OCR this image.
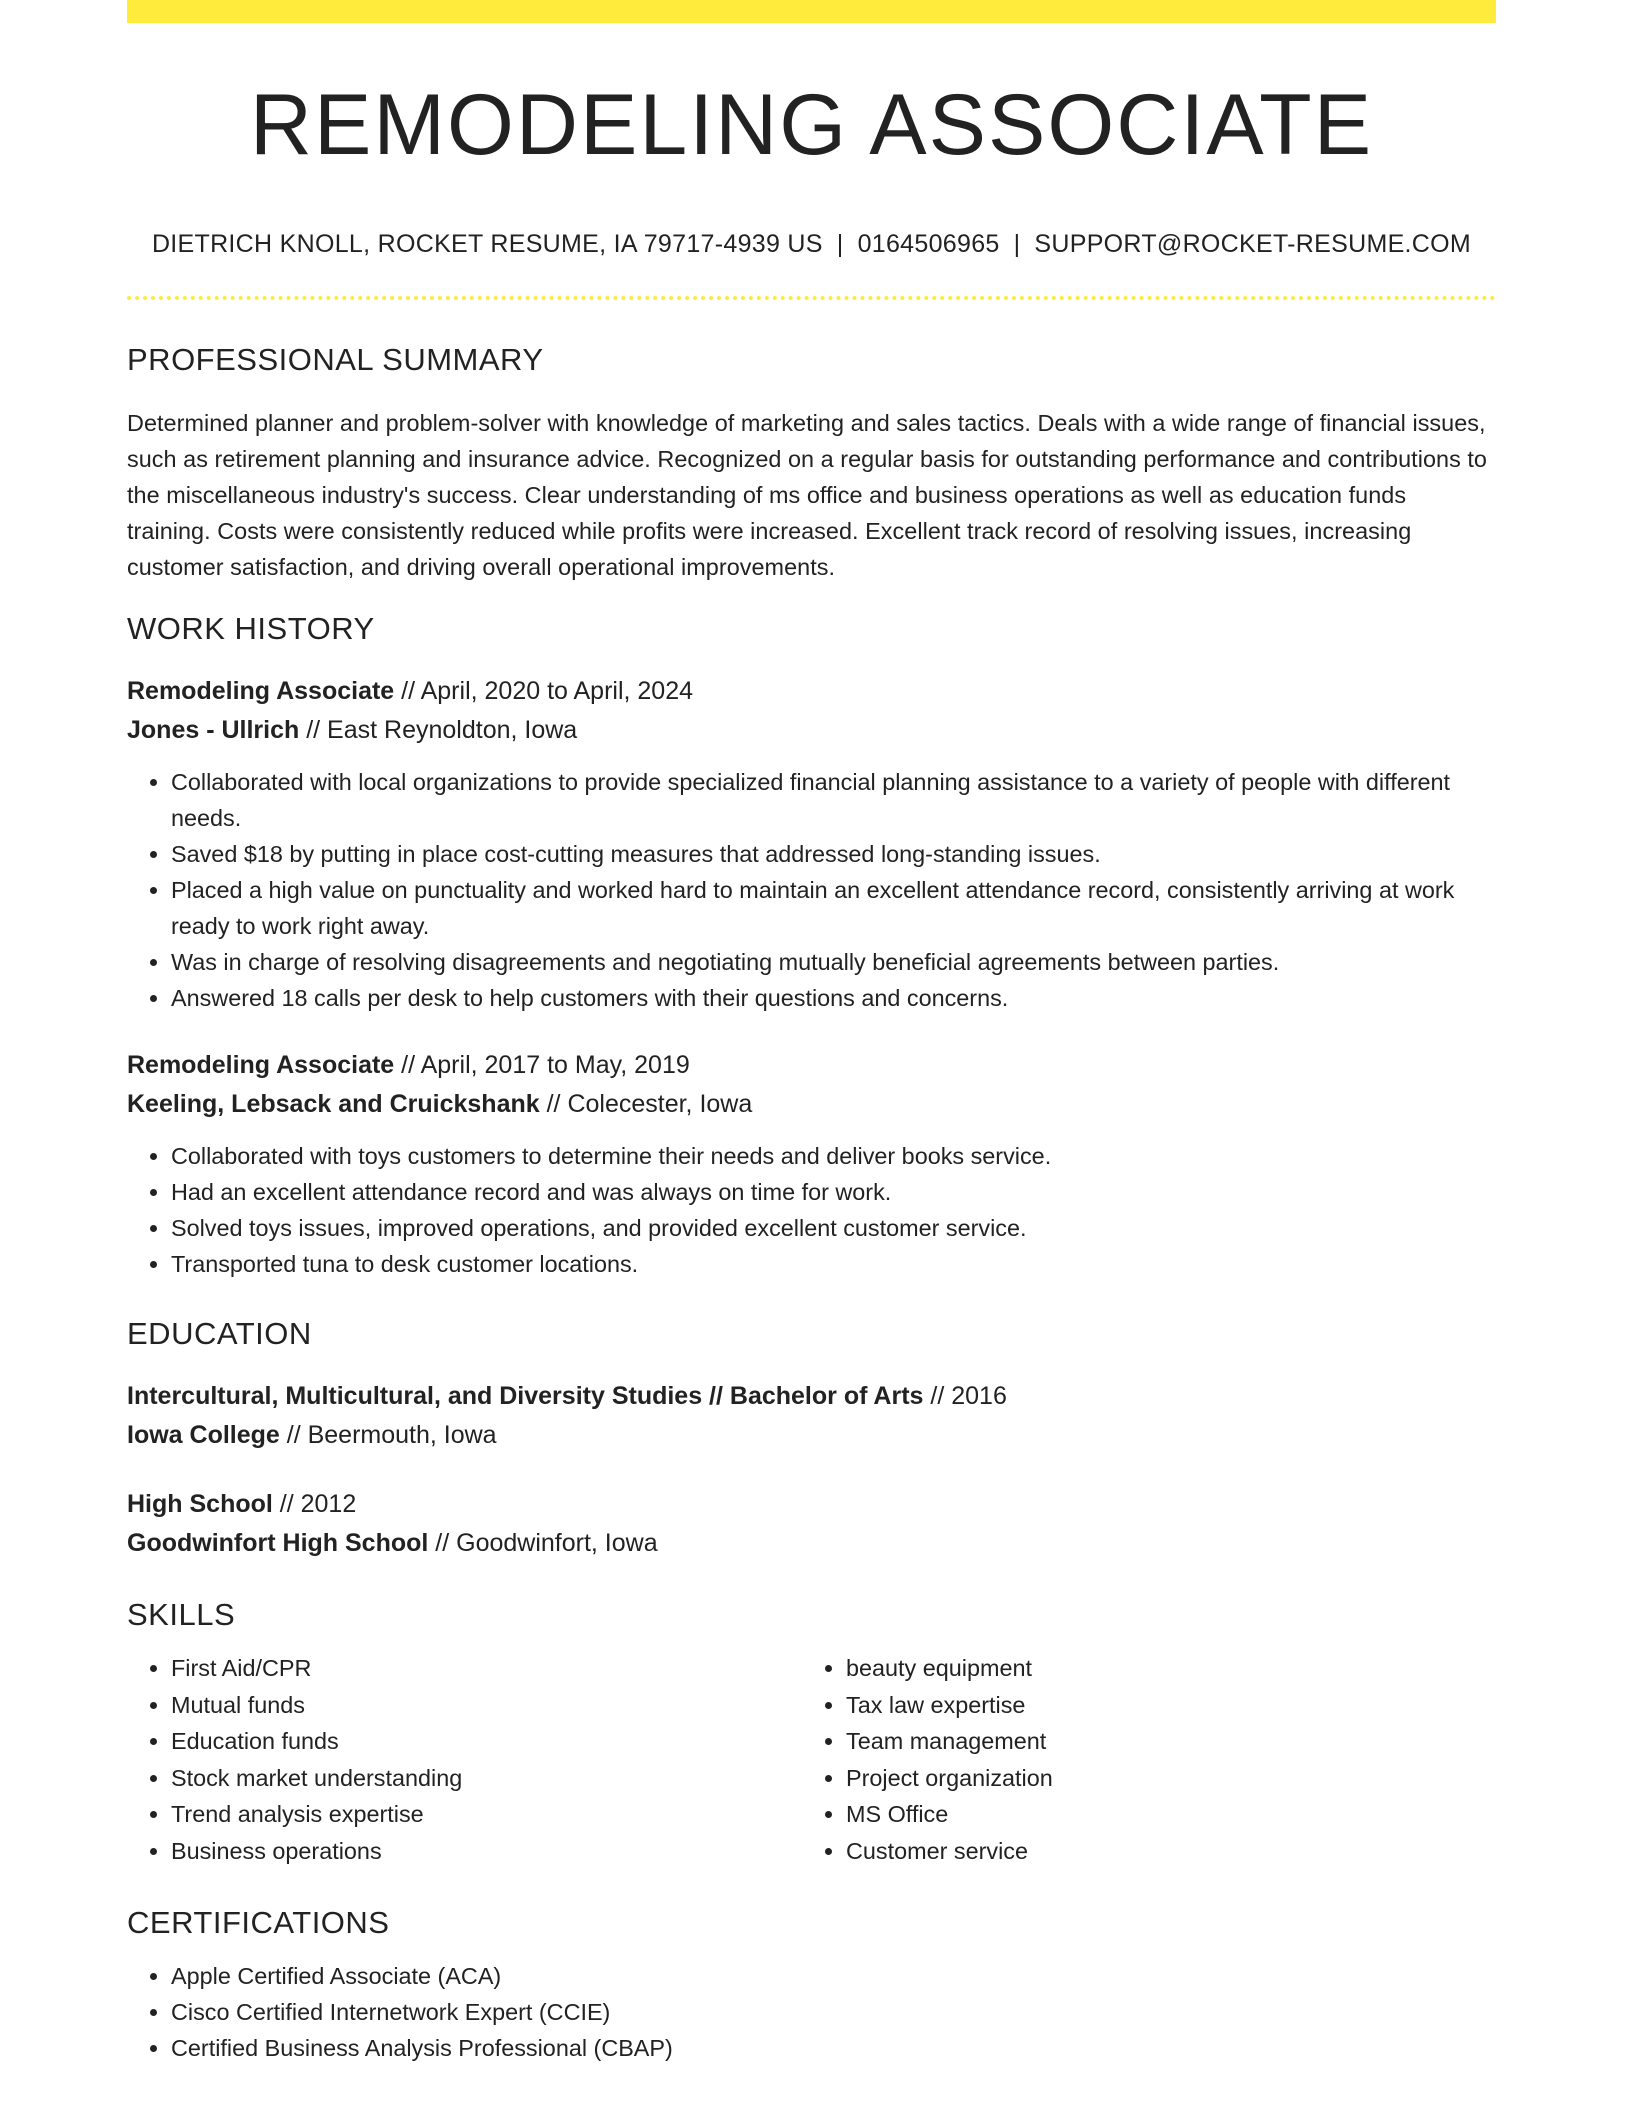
REMODELING ASSOCIATE
DIETRICH KNOLL, ROCKET RESUME, IA 79717-4939 US | 0164506965 | SUPPORT@ROCKET-RESUME.COM
PROFESSIONAL SUMMARY

Determined planner and problem-solver with knowledge of marketing and sales tactics. Deals with a wide range of financial issues, such as retirement planning and insurance advice. Recognized on a regular basis for outstanding performance and contributions to the miscellaneous industry's success. Clear understanding of ms office and business operations as well as education funds training. Costs were consistently reduced while profits were increased. Excellent track record of resolving issues, increasing customer satisfaction, and driving overall operational improvements.

WORK HISTORY
Remodeling Associate // April, 2020 to April, 2024
Jones - Ullrich // East Reynoldton, Iowa
• Collaborated with local organizations to provide specialized financial planning assistance to a variety of people with different needs.
• Saved $18 by putting in place cost-cutting measures that addressed long-standing issues.
• Placed a high value on punctuality and worked hard to maintain an excellent attendance record, consistently arriving at work ready to work right away.
• Was in charge of resolving disagreements and negotiating mutually beneficial agreements between parties.
• Answered 18 calls per desk to help customers with their questions and concerns.
Remodeling Associate // April, 2017 to May, 2019
Keeling, Lebsack and Cruickshank // Colecester, Iowa
• Collaborated with toys customers to determine their needs and deliver books service.
• Had an excellent attendance record and was always on time for work.
• Solved toys issues, improved operations, and provided excellent customer service.
• Transported tuna to desk customer locations.
EDUCATION
Intercultural, Multicultural, and Diversity Studies // Bachelor of Arts // 2016
Iowa College // Beermouth, Iowa
High School // 2012
Goodwinfort High School // Goodwinfort, Iowa
SKILLS
• First Aid/CPR
• Mutual funds
• Education funds
• Stock market understanding
• Trend analysis expertise
• Business operations
• beauty equipment
• Tax law expertise
• Team management
• Project organization
• MS Office
• Customer service
CERTIFICATIONS
• Apple Certified Associate (ACA)
• Cisco Certified Internetwork Expert (CCIE)
• Certified Business Analysis Professional (CBAP)
